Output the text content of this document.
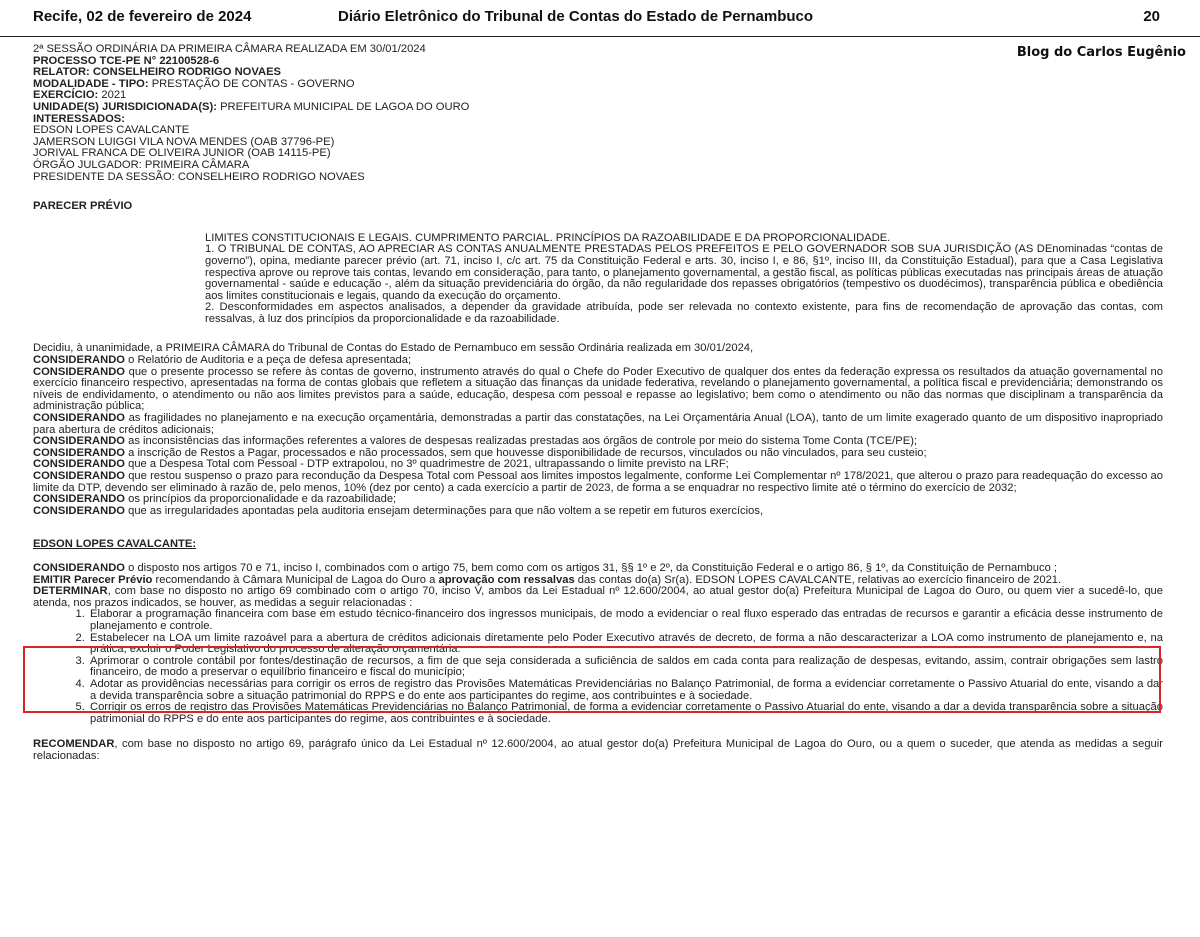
Recife, 02 de fevereiro de 2024	Diário Eletrônico do Tribunal de Contas do Estado de Pernambuco	20
Blog do Carlos Eugênio
2ª SESSÃO ORDINÁRIA DA PRIMEIRA CÂMARA REALIZADA EM 30/01/2024
PROCESSO TCE-PE N° 22100528-6
RELATOR: CONSELHEIRO RODRIGO NOVAES
MODALIDADE - TIPO: PRESTAÇÃO DE CONTAS - GOVERNO
EXERCÍCIO: 2021
UNIDADE(S) JURISDICIONADA(S): PREFEITURA MUNICIPAL DE LAGOA DO OURO
INTERESSADOS:
EDSON LOPES CAVALCANTE
JAMERSON LUIGGI VILA NOVA MENDES (OAB 37796-PE)
JORIVAL FRANCA DE OLIVEIRA JUNIOR (OAB 14115-PE)
ÓRGÃO JULGADOR: PRIMEIRA CÂMARA
PRESIDENTE DA SESSÃO: CONSELHEIRO RODRIGO NOVAES
PARECER PRÉVIO

LIMITES CONSTITUCIONAIS E LEGAIS. CUMPRIMENTO PARCIAL. PRINCÍPIOS DA RAZOABILIDADE E DA PROPORCIONALIDADE.

1. O TRIBUNAL DE CONTAS, AO APRECIAR AS CONTAS ANUALMENTE PRESTADAS PELOS PREFEITOS E PELO GOVERNADOR SOB SUA JURISDIÇÃO (AS DEnominadas “contas de governo”), opina, mediante parecer prévio (art. 71, inciso I, c/c art. 75 da Constituição Federal e arts. 30, inciso I, e 86, §1º, inciso III, da Constituição Estadual), para que a Casa Legislativa respectiva aprove ou reprove tais contas, levando em consideração, para tanto, o planejamento governamental, a gestão fiscal, as políticas públicas executadas nas principais áreas de atuação governamental - saúde e educação -, além da situação previdenciária do órgão, da não regularidade dos repasses obrigatórios (tempestivo os duodécimos), transparência pública e obediência aos limites constitucionais e legais, quando da execução do orçamento.

2. Desconformidades em aspectos analisados, a depender da gravidade atribuída, pode ser relevada no contexto existente, para fins de recomendação de aprovação das contas, com ressalvas, à luz dos princípios da proporcionalidade e da razoabilidade.

Decidiu, à unanimidade, a PRIMEIRA CÂMARA do Tribunal de Contas do Estado de Pernambuco em sessão Ordinária realizada em 30/01/2024,

CONSIDERANDO o Relatório de Auditoria e a peça de defesa apresentada;

CONSIDERANDO que o presente processo se refere às contas de governo, instrumento através do qual o Chefe do Poder Executivo de qualquer dos entes da federação expressa os resultados da atuação governamental no exercício financeiro respectivo, apresentadas na forma de contas globais que refletem a situação das finanças da unidade federativa, revelando o planejamento governamental, a política fiscal e previdenciária; demonstrando os níveis de endividamento, o atendimento ou não aos limites previstos para a saúde, educação, despesa com pessoal e repasse ao legislativo; bem como o atendimento ou não das normas que disciplinam a transparência da administração pública;

CONSIDERANDO as fragilidades no planejamento e na execução orçamentária, demonstradas a partir das constatações, na Lei Orçamentária Anual (LOA), tanto de um limite exagerado quanto de um dispositivo inapropriado para abertura de créditos adicionais;

CONSIDERANDO as inconsistências das informações referentes a valores de despesas realizadas prestadas aos órgãos de controle por meio do sistema Tome Conta (TCE/PE);

CONSIDERANDO a inscrição de Restos a Pagar, processados e não processados, sem que houvesse disponibilidade de recursos, vinculados ou não vinculados, para seu custeio;

CONSIDERANDO que a Despesa Total com Pessoal - DTP extrapolou, no 3º quadrimestre de 2021, ultrapassando o limite previsto na LRF;

CONSIDERANDO que restou suspenso o prazo para recondução da Despesa Total com Pessoal aos limites impostos legalmente, conforme Lei Complementar nº 178/2021, que alterou o prazo para readequação do excesso ao limite da DTP, devendo ser eliminado à razão de, pelo menos, 10% (dez por cento) a cada exercício a partir de 2023, de forma a se enquadrar no respectivo limite até o término do exercício de 2032;

CONSIDERANDO os princípios da proporcionalidade e da razoabilidade;

CONSIDERANDO que as irregularidades apontadas pela auditoria ensejam determinações para que não voltem a se repetir em futuros exercícios,

EDSON LOPES CAVALCANTE:

CONSIDERANDO o disposto nos artigos 70 e 71, inciso I, combinados com o artigo 75, bem como com os artigos 31, §§ 1º e 2º, da Constituição Federal e o artigo 86, § 1º, da Constituição de Pernambuco ;

EMITIR Parecer Prévio recomendando à Câmara Municipal de Lagoa do Ouro a aprovação com ressalvas das contas do(a) Sr(a). EDSON LOPES CAVALCANTE, relativas ao exercício financeiro de 2021.

DETERMINAR, com base no disposto no artigo 69 combinado com o artigo 70, inciso V, ambos da Lei Estadual nº 12.600/2004, ao atual gestor do(a) Prefeitura Municipal de Lagoa do Ouro, ou quem vier a sucedê-lo, que atenda, nos prazos indicados, se houver, as medidas a seguir relacionadas :

1. Elaborar a programação financeira com base em estudo técnico-financeiro dos ingressos municipais, de modo a evidenciar o real fluxo esperado das entradas de recursos e garantir a eficácia desse instrumento de planejamento e controle.
2. Estabelecer na LOA um limite razoável para a abertura de créditos adicionais diretamente pelo Poder Executivo através de decreto, de forma a não descaracterizar a LOA como instrumento de planejamento e, na prática, excluir o Poder Legislativo do processo de alteração orçamentária.
3. Aprimorar o controle contábil por fontes/destinação de recursos, a fim de que seja considerada a suficiência de saldos em cada conta para realização de despesas, evitando, assim, contrair obrigações sem lastro financeiro, de modo a preservar o equilíbrio financeiro e fiscal do município;
4. Adotar as providências necessárias para corrigir os erros de registro das Provisões Matemáticas Previdenciárias no Balanço Patrimonial, de forma a evidenciar corretamente o Passivo Atuarial do ente, visando a dar a devida transparência sobre a situação patrimonial do RPPS e do ente aos participantes do regime, aos contribuintes e à sociedade.
5. Corrigir os erros de registro das Provisões Matemáticas Previdenciárias no Balanço Patrimonial, de forma a evidenciar corretamente o Passivo Atuarial do ente, visando a dar a devida transparência sobre a situação patrimonial do RPPS e do ente aos participantes do regime, aos contribuintes e à sociedade.

RECOMENDAR, com base no disposto no artigo 69, parágrafo único da Lei Estadual nº 12.600/2004, ao atual gestor do(a) Prefeitura Municipal de Lagoa do Ouro, ou a quem o suceder, que atenda as medidas a seguir relacionadas:
